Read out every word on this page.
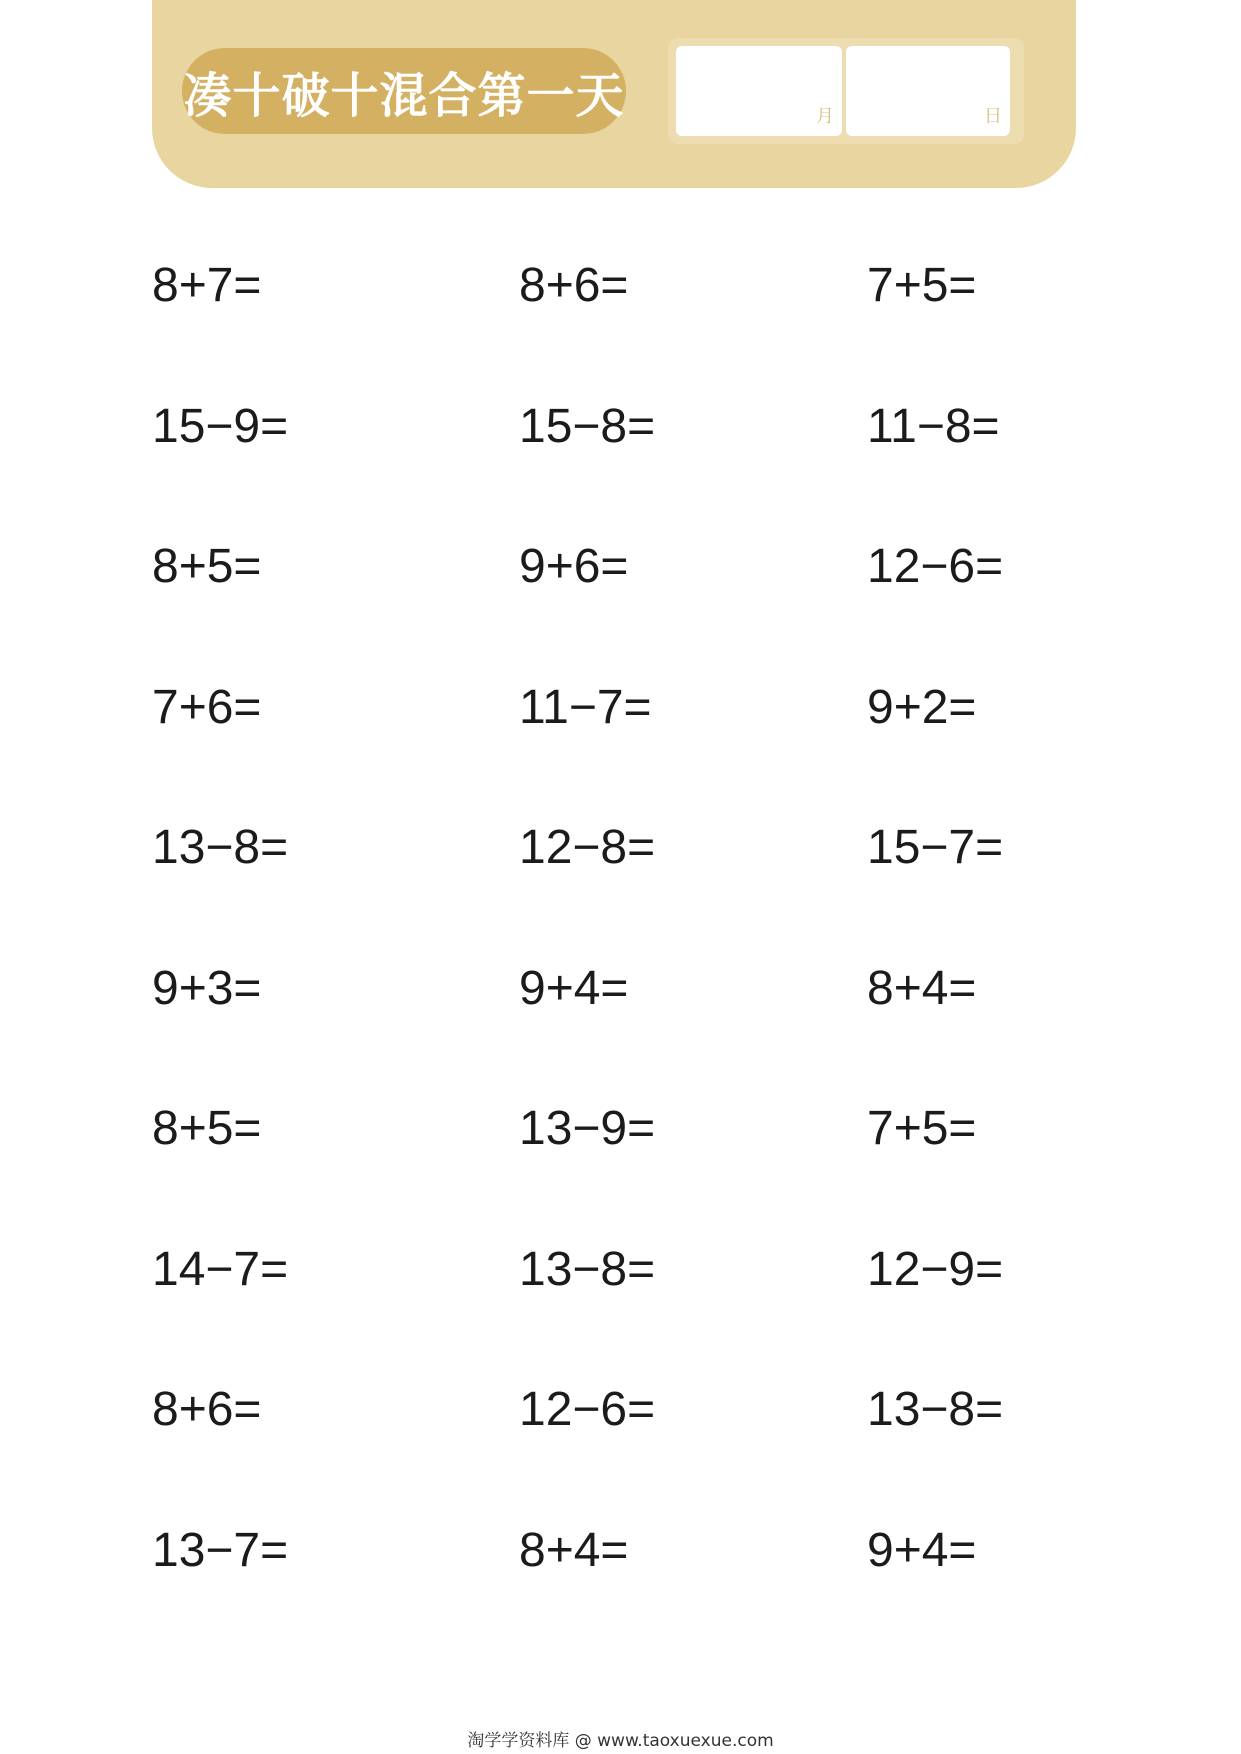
凑十破十混合第一天	月	日
8+7=	8+6=	7+5=
15−9=	15−8=	11−8=
8+5=	9+6=	12−6=
7+6=	11−7=	9+2=
13−8=	12−8=	15−7=
9+3=	9+4=	8+4=
8+5=	13−9=	7+5=
14−7=	13−8=	12−9=
8+6=	12−6=	13−8=
13−7=	8+4=	9+4=
淘学学资料库 @ www.taoxuexue.com
